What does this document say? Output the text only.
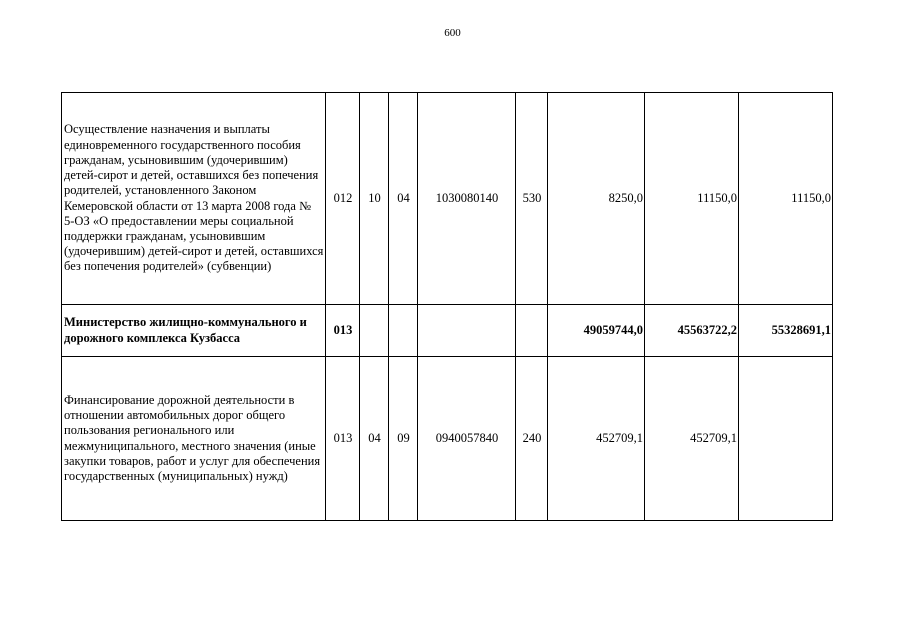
600
Осуществление назначения и выплаты единовременного государственного пособия гражданам, усыновившим (удочерившим) детей-сирот и детей, оставшихся без попечения родителей, установленного Законом Кемеровской области от 13 марта 2008 года № 5-ОЗ «О предоставлении меры социальной поддержки гражданам, усыновившим (удочерившим) детей-сирот и детей, оставшихся без попечения родителей» (субвенции)	012	10	04	1030080140	530	8250,0	11150,0	11150,0
Министерство жилищно-коммунального и дорожного комплекса Кузбасса	013					49059744,0	45563722,2	55328691,1
Финансирование дорожной деятельности в отношении автомобильных дорог общего пользования регионального или межмуниципального, местного значения (иные закупки товаров, работ и услуг для обеспечения государственных (муниципальных) нужд)	013	04	09	0940057840	240	452709,1	452709,1	
